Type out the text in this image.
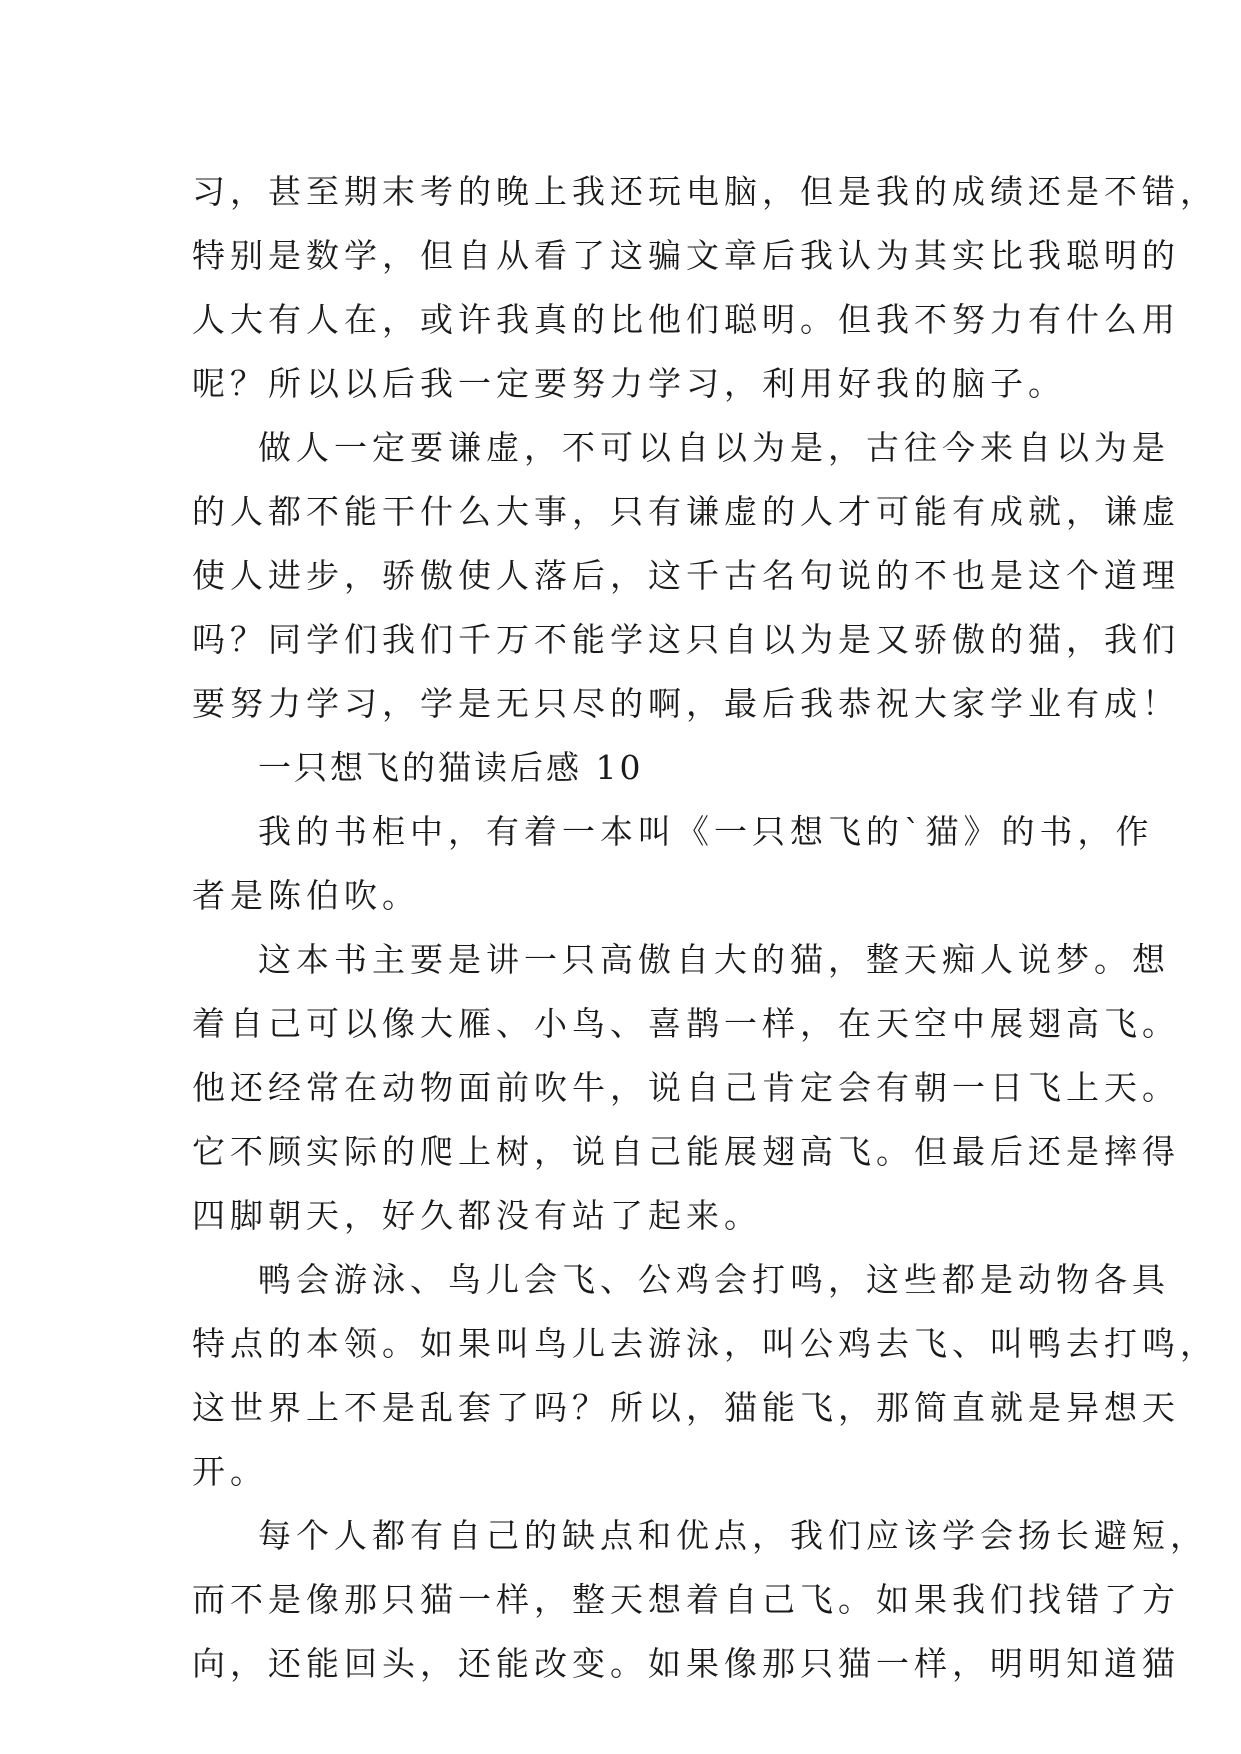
习，甚至期末考的晚上我还玩电脑，但是我的成绩还是不错，
特别是数学，但自从看了这骗文章后我认为其实比我聪明的
人大有人在，或许我真的比他们聪明。但我不努力有什么用
呢？所以以后我一定要努力学习，利用好我的脑子。
做人一定要谦虚，不可以自以为是，古往今来自以为是
的人都不能干什么大事，只有谦虚的人才可能有成就，谦虚
使人进步，骄傲使人落后，这千古名句说的不也是这个道理
吗？同学们我们千万不能学这只自以为是又骄傲的猫，我们
要努力学习，学是无只尽的啊，最后我恭祝大家学业有成！
一只想飞的猫读后感 10
我的书柜中，有着一本叫《一只想飞的`猫》的书，作
者是陈伯吹。
这本书主要是讲一只高傲自大的猫，整天痴人说梦。想
着自己可以像大雁、小鸟、喜鹊一样，在天空中展翅高飞。
他还经常在动物面前吹牛，说自己肯定会有朝一日飞上天。
它不顾实际的爬上树，说自己能展翅高飞。但最后还是摔得
四脚朝天，好久都没有站了起来。
鸭会游泳、鸟儿会飞、公鸡会打鸣，这些都是动物各具
特点的本领。如果叫鸟儿去游泳，叫公鸡去飞、叫鸭去打鸣，
这世界上不是乱套了吗？所以，猫能飞，那简直就是异想天
开。
每个人都有自己的缺点和优点，我们应该学会扬长避短，
而不是像那只猫一样，整天想着自己飞。如果我们找错了方
向，还能回头，还能改变。如果像那只猫一样，明明知道猫
